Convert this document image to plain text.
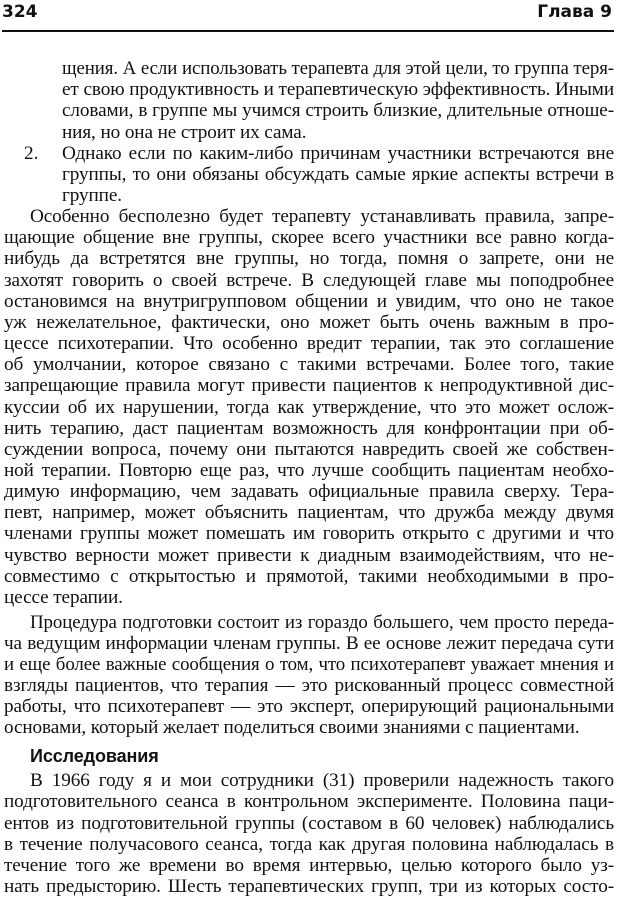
324	Глава 9
щения. А если использовать терапевта для этой цели, то группа теря-
ет свою продуктивность и терапевтическую эффективность. Иными
словами, в группе мы учимся строить близкие, длительные отноше-
ния, но она не строит их сама.
2. Однако если по каким-либо причинам участники встречаются вне
группы, то они обязаны обсуждать самые яркие аспекты встречи в
группе.
Особенно бесполезно будет терапевту устанавливать правила, запре-
щающие общение вне группы, скорее всего участники все равно когда-
нибудь да встретятся вне группы, но тогда, помня о запрете, они не
захотят говорить о своей встрече. В следующей главе мы поподробнее
остановимся на внутригрупповом общении и увидим, что оно не такое
уж нежелательное, фактически, оно может быть очень важным в про-
цессе психотерапии. Что особенно вредит терапии, так это соглашение
об умолчании, которое связано с такими встречами. Более того, такие
запрещающие правила могут привести пациентов к непродуктивной дис-
куссии об их нарушении, тогда как утверждение, что это может ослож-
нить терапию, даст пациентам возможность для конфронтации при об-
суждении вопроса, почему они пытаются навредить своей же собствен-
ной терапии. Повторю еще раз, что лучше сообщить пациентам необхо-
димую информацию, чем задавать официальные правила сверху. Тера-
певт, например, может объяснить пациентам, что дружба между двумя
членами группы может помешать им говорить открыто с другими и что
чувство верности может привести к диадным взаимодействиям, что не-
совместимо с открытостью и прямотой, такими необходимыми в про-
цессе терапии.
Процедура подготовки состоит из гораздо большего, чем просто переда-
ча ведущим информации членам группы. В ее основе лежит передача сути
и еще более важные сообщения о том, что психотерапевт уважает мнения и
взгляды пациентов, что терапия — это рискованный процесс совместной
работы, что психотерапевт — это эксперт, оперирующий рациональными
основами, который желает поделиться своими знаниями с пациентами.
Исследования
В 1966 году я и мои сотрудники (31) проверили надежность такого
подготовительного сеанса в контрольном эксперименте. Половина паци-
ентов из подготовительной группы (составом в 60 человек) наблюдались
в течение получасового сеанса, тогда как другая половина наблюдалась в
течение того же времени во время интервью, целью которого было уз-
нать предысторию. Шесть терапевтических групп, три из которых состо-
